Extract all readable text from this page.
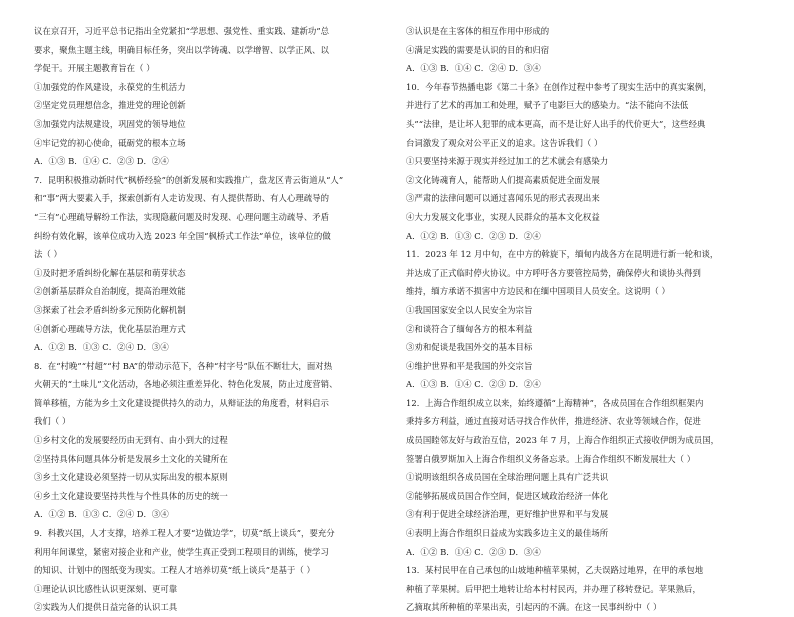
议在京召开，习近平总书记指出全党紧扣“学思想、强党性、重实践、建新功”总
要求，聚焦主题主线，明确目标任务，突出以学铸魂、以学增智、以学正风、以
学促干。开展主题教育旨在（ ）
①加强党的作风建设，永葆党的生机活力
②坚定党员理想信念，推进党的理论创新
③加强党内法规建设，巩固党的领导地位
④牢记党的初心使命，砥砺党的根本立场
A．①③ B．①④ C．②③ D．②④
7．昆明积极推动新时代“枫桥经验”的创新发展和实践推广，盘龙区青云街道从“人”
和“事”两大要素入手，探索创新有人走访发现、有人提供帮助、有人心理疏导的
“三有”心理疏导解纷工作法，实现隐蔽问题及时发现、心理问题主动疏导、矛盾
纠纷有效化解，该单位成功入选 2023 年全国“枫桥式工作法”单位，该单位的做
法（ ）
①及时把矛盾纠纷化解在基层和萌芽状态
②创新基层群众自治制度，提高治理效能
③探索了社会矛盾纠纷多元预防化解机制
④创新心理疏导方法，优化基层治理方式
A．①② B．①③ C．②④ D．③④
8．在“村晚”“村超”“村 BA”的带动示范下，各种“村字号”队伍不断壮大，面对热
火朝天的“土味儿”文化活动，各地必须注重差异化、特色化发展，防止过度营销、
简单移植，方能为乡土文化建设提供持久的动力，从辩证法的角度看，材料启示
我们（ ）
①乡村文化的发展要经历由无到有、由小到大的过程
②坚持具体问题具体分析是发展乡土文化的关键所在
③乡土文化建设必须坚持一切从实际出发的根本原则
④乡土文化建设要坚持共性与个性具体的历史的统一
A．①② B．①③ C．②④ D．③④
9．科教兴国，人才支撑，培养工程人才要“边做边学”，切莫“纸上谈兵”，要充分
利用年间课堂，紧密对接企业和产业，使学生真正受到工程项目的训练，使学习
的知识、计划中的图纸变为现实。工程人才培养切莫“纸上谈兵”是基于（ ）
①理论认识比感性认识更深刻、更可靠
②实践为人们提供日益完备的认识工具
③认识是在主客体的相互作用中形成的
④满足实践的需要是认识的目的和归宿
A．①③ B．①④ C．②④ D．③④
10．今年春节热播电影《第二十条》在创作过程中参考了现实生活中的真实案例，
并进行了艺术的再加工和处理，赋予了电影巨大的感染力。“法不能向不法低
头”“法律，是让坏人犯罪的成本更高，而不是让好人出手的代价更大”，这些经典
台词激发了观众对公平正义的追求。这告诉我们（ ）
①只要坚持来源于现实并经过加工的艺术就会有感染力
②文化铸魂育人，能帮助人们提高素质促进全面发展
③严肃的法律问题可以通过喜闻乐见的形式表现出来
④大力发展文化事业，实现人民群众的基本文化权益
A．①② B．①③ C．②③ D．②④
11．2023 年 12 月中旬，在中方的斡旋下，缅甸内战各方在昆明进行新一轮和谈，
并达成了正式临时停火协议。中方呼吁各方要管控局势，确保停火和谈协头得到
维持，缅方承诺不损害中方边民和在缅中国项目人员安全。这说明（ ）
①我国国家安全以人民安全为宗旨
②和谈符合了缅甸各方的根本利益
③劝和促谈是我国外交的基本目标
④维护世界和平是我国的外交宗旨
A．①③ B．①④ C．②③ D．②④
12．上海合作组织成立以来，始终遵循“上海精神”，各成员国在合作组织框架内
秉持多方利益，通过直接对话寻找合作伙伴，推进经济、农业等领域合作，促进
成员国睦邻友好与政治互信，2023 年 7 月，上海合作组织正式接收伊朗为成员国，
签署白俄罗斯加入上海合作组织义务备忘录。上海合作组织不断发展壮大（ ）
①说明该组织各成员国在全球治理问题上具有广泛共识
②能够拓展成员国合作空间，促进区域政治经济一体化
③有利于促进全球经济治理，更好维护世界和平与发展
④表明上海合作组织日益成为实践多边主义的最佳场所
A．①② B．①④ C．②③ D．③④
13．某村民甲在自己承包的山坡地种植苹果树，乙夫误路过地界，在甲的承包地
种植了苹果树。后甲把土地转让给本村村民丙，并办理了移转登记。苹果熟后，
乙摘取其所种植的苹果出卖，引起丙的不满。在这一民事纠纷中（ ）
